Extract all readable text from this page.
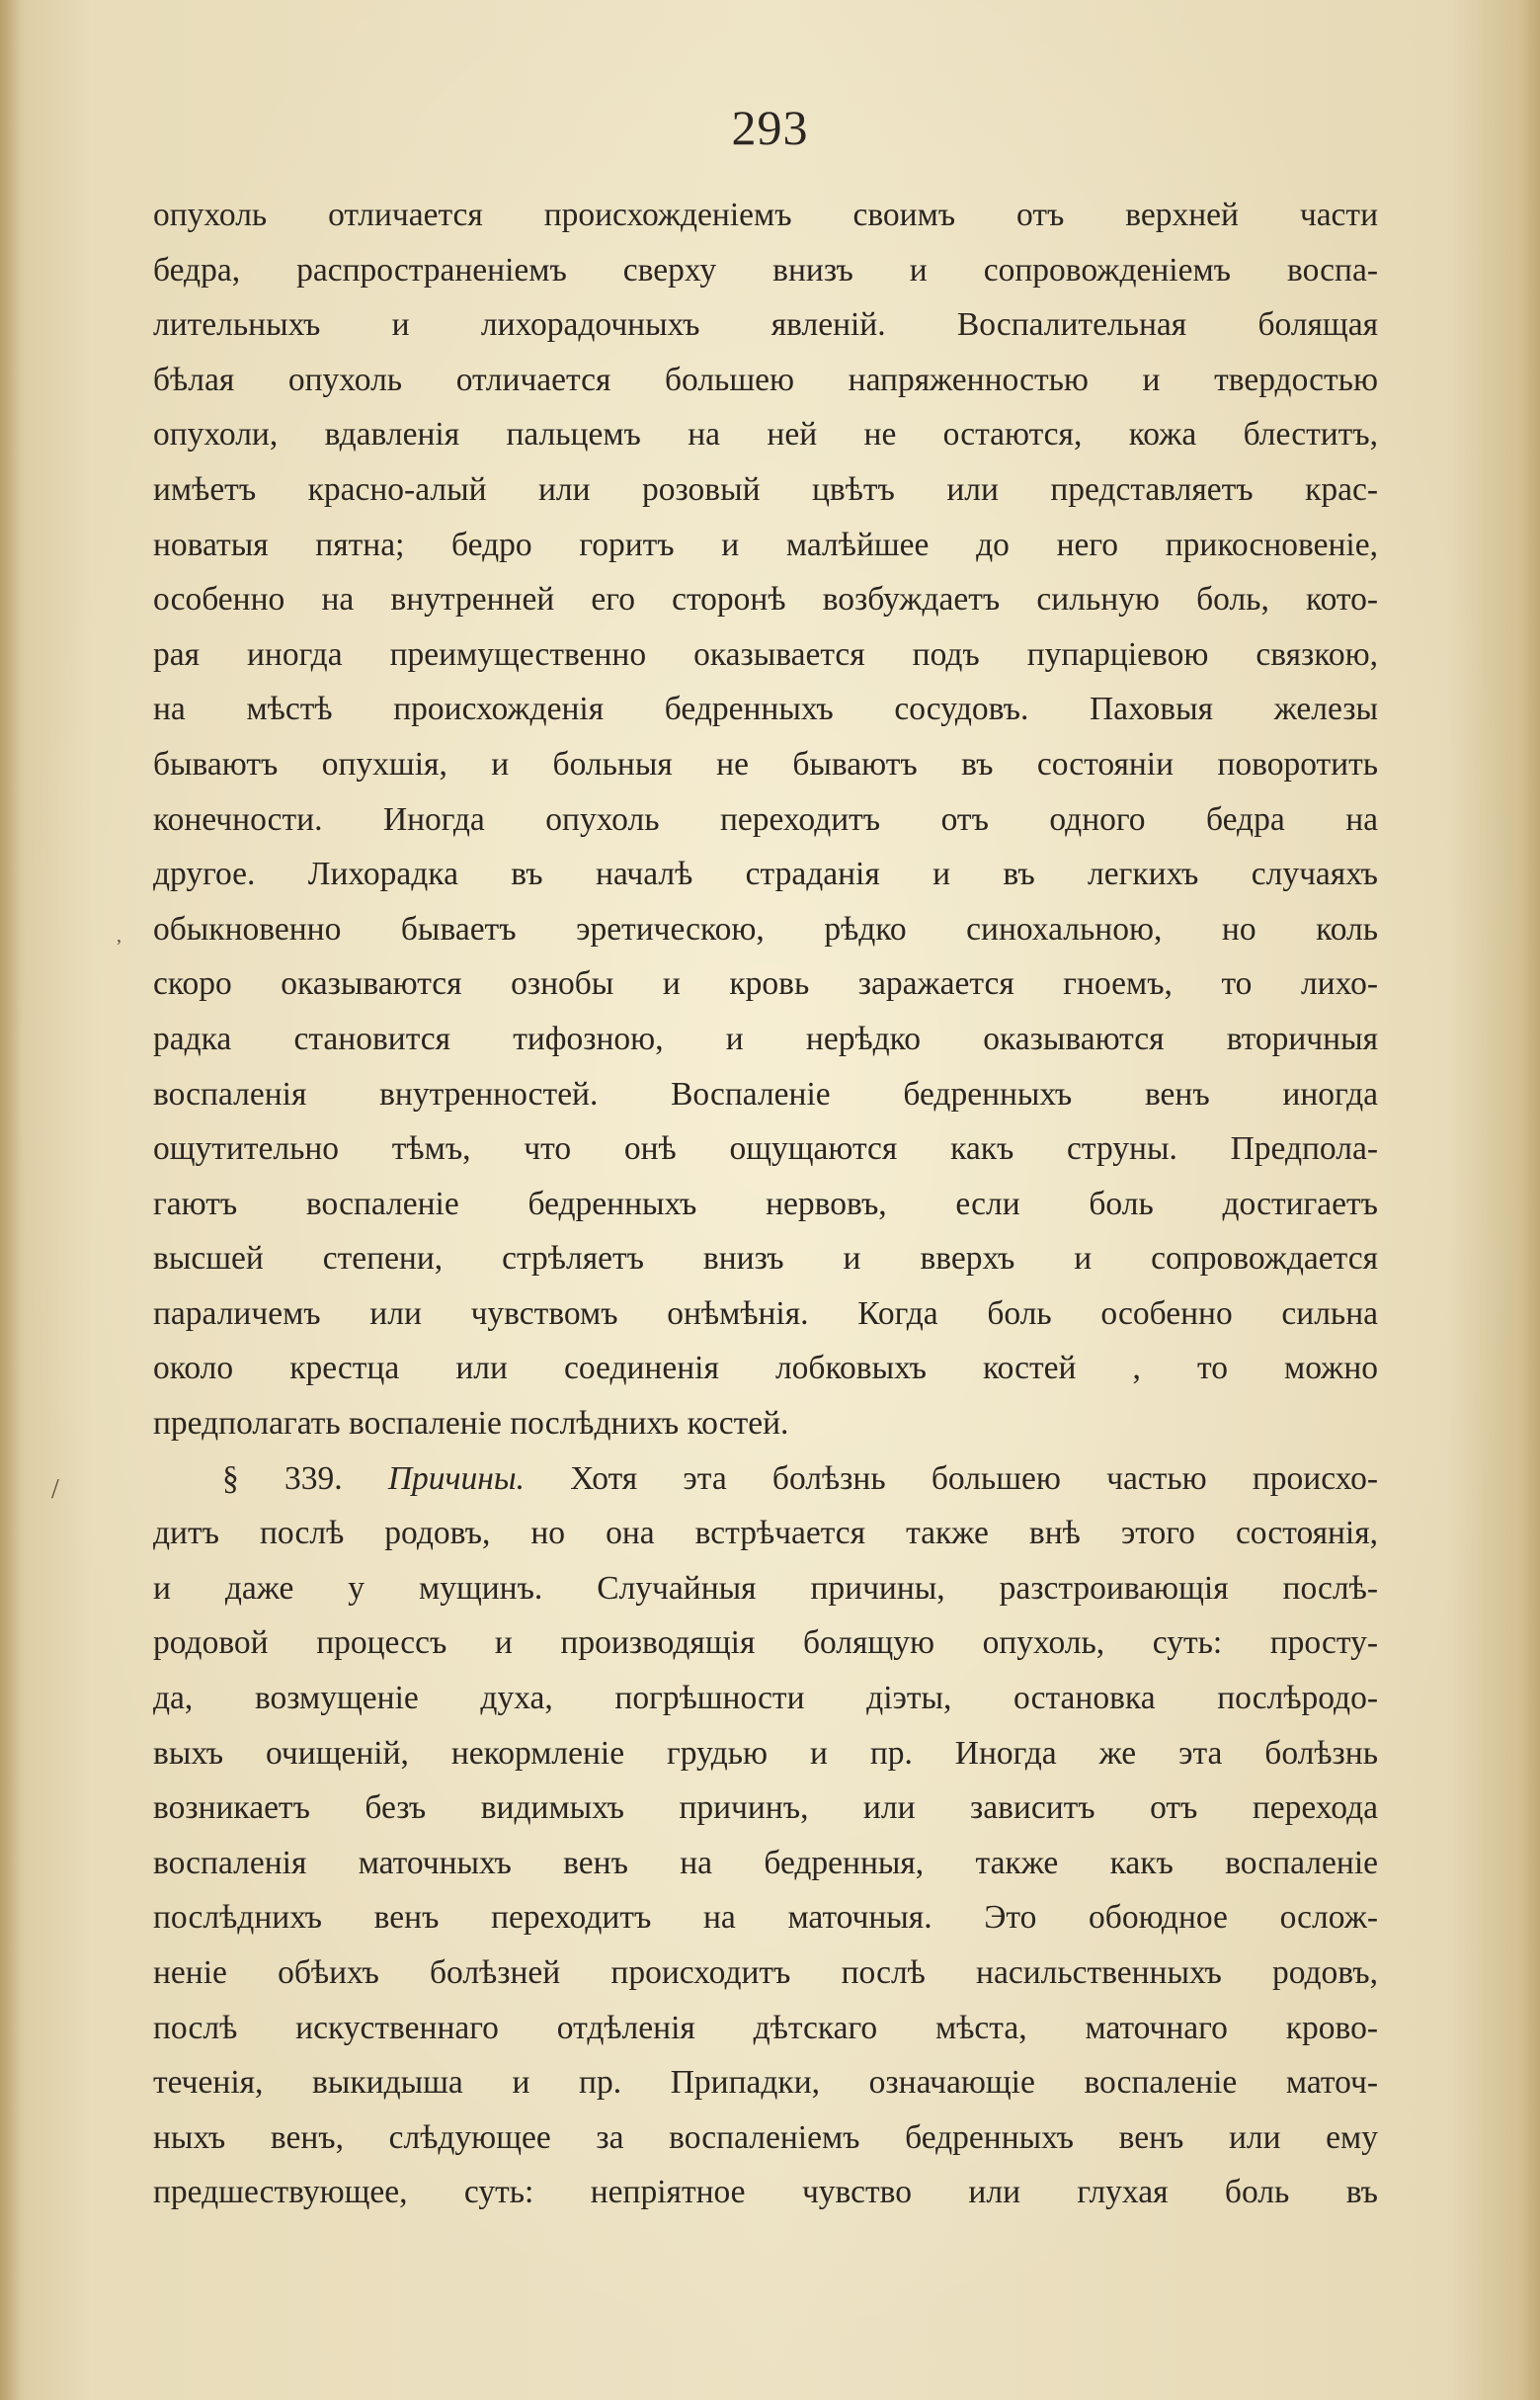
293
опухоль отличается происхожденіемъ своимъ отъ верхней части
бедра, распространеніемъ сверху внизъ и сопровожденіемъ воспа-
лительныхъ и лихорадочныхъ явленій. Воспалительная болящая
бѣлая опухоль отличается большею напряженностью и твердостью
опухоли, вдавленія пальцемъ на ней не остаются, кожа блеститъ,
имѣетъ красно-алый или розовый цвѣтъ или представляетъ крас-
новатыя пятна; бедро горитъ и малѣйшее до него прикосновеніе,
особенно на внутренней его сторонѣ возбуждаетъ сильную боль, кото-
рая иногда преимущественно оказывается подъ пупарціевою связкою,
на мѣстѣ происхожденія бедренныхъ сосудовъ. Паховыя железы
бываютъ опухшія, и больныя не бываютъ въ состояніи поворотить
конечности. Иногда опухоль переходитъ отъ одного бедра на
другое. Лихорадка въ началѣ страданія и въ легкихъ случаяхъ
обыкновенно бываетъ эретическою, рѣдко синохальною, но коль
скоро оказываются ознобы и кровь заражается гноемъ, то лихо-
радка становится тифозною, и нерѣдко оказываются вторичныя
воспаленія внутренностей. Воспаленіе бедренныхъ венъ иногда
ощутительно тѣмъ, что онѣ ощущаются какъ струны. Предпола-
гаютъ воспаленіе бедренныхъ нервовъ, если боль достигаетъ
высшей степени, стрѣляетъ внизъ и вверхъ и сопровождается
параличемъ или чувствомъ онѣмѣнія. Когда боль особенно сильна
около крестца или соединенія лобковыхъ костей , то можно
предполагать воспаленіе послѣднихъ костей.
§ 339. Причины. Хотя эта болѣзнь большею частью происхо-
дитъ послѣ родовъ, но она встрѣчается также внѣ этого состоянія,
и даже у мущинъ. Случайныя причины, разстроивающія послѣ-
родовой процессъ и производящія болящую опухоль, суть: просту-
да, возмущеніе духа, погрѣшности діэты, остановка послѣродо-
выхъ очищеній, некормленіе грудью и пр. Иногда же эта болѣзнь
возникаетъ безъ видимыхъ причинъ, или зависитъ отъ перехода
воспаленія маточныхъ венъ на бедренныя, также какъ воспаленіе
послѣднихъ венъ переходитъ на маточныя. Это обоюдное ослож-
неніе обѣихъ болѣзней происходитъ послѣ насильственныхъ родовъ,
послѣ искуственнаго отдѣленія дѣтскаго мѣста, маточнаго крово-
теченія, выкидыша и пр. Припадки, означающіе воспаленіе маточ-
ныхъ венъ, слѣдующее за воспаленіемъ бедренныхъ венъ или ему
предшествующее, суть: непріятное чувство или глухая боль въ
,
/
